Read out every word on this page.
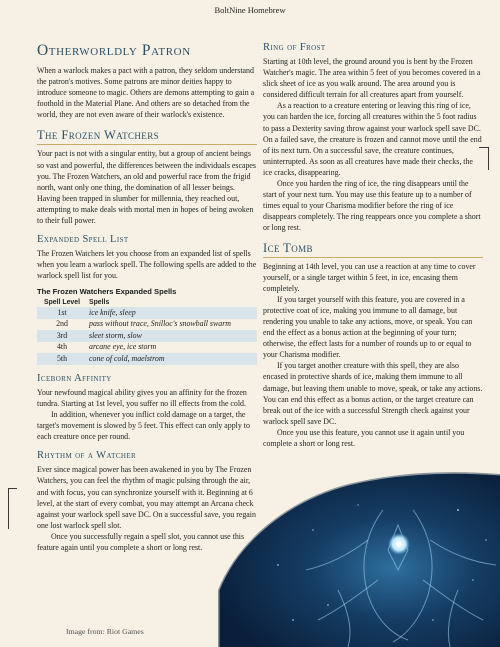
BoltNine Homebrew
Otherworldly Patron

When a warlock makes a pact with a patron, they seldom understand the patron's motives. Some patrons are minor deities happy to introduce someone to magic. Others are demons attempting to gain a foothold in the Material Plane. And others are so detached from the world, they are not even aware of their warlock's existence.

The Frozen Watchers

Your pact is not with a singular entity, but a group of ancient beings so vast and powerful, the differences between the individuals escapes you. The Frozen Watchers, an old and powerful race from the frigid north, want only one thing, the domination of all lesser beings. Having been trapped in slumber for millennia, they reached out, attempting to make deals with mortal men in hopes of being awoken to their full power.

Expanded Spell List

The Frozen Watchers let you choose from an expanded list of spells when you learn a warlock spell. The following spells are added to the warlock spell list for you.

The Frozen Watchers Expanded Spells
Spell Level	Spells
1st	ice knife, sleep
2nd	pass without trace, Snilloc's snowball swarm
3rd	sleet storm, slow
4th	arcane eye, ice storm
5th	cone of cold, maelstrom
Iceborn Affinity

Your newfound magical ability gives you an affinity for the frozen tundra. Starting at 1st level, you suffer no ill effects from the cold.

In addition, whenever you inflict cold damage on a target, the target's movement is slowed by 5 feet. This effect can only apply to each creature once per round.

Rhythm of a Watcher

Ever since magical power has been awakened in you by The Frozen Watchers, you can feel the rhythm of magic pulsing through the air, and with focus, you can synchronize yourself with it. Beginning at 6 level, at the start of every combat, you may attempt an Arcana check against your warlock spell save DC. On a successful save, you regain one lost warlock spell slot.

Once you successfully regain a spell slot, you cannot use this feature again until you complete a short or long rest.

Ring of Frost

Starting at 10th level, the ground around you is bent by the Frozen Watcher's magic. The area within 5 feet of you becomes covered in a slick sheet of ice as you walk around. The area around you is considered difficult terrain for all creatures apart from yourself.

As a reaction to a creature entering or leaving this ring of ice, you can harden the ice, forcing all creatures within the 5 foot radius to pass a Dexterity saving throw against your warlock spell save DC. On a failed save, the creature is frozen and cannot move until the end of its next turn. On a successful save, the creature continues, uninterrupted. As soon as all creatures have made their checks, the ice cracks, disappearing.

Once you harden the ring of ice, the ring disappears until the start of your next turn. You may use this feature up to a number of times equal to your Charisma modifier before the ring of ice disappears completely. The ring reappears once you complete a short or long rest.

Ice Tomb

Beginning at 14th level, you can use a reaction at any time to cover yourself, or a single target within 5 feet, in ice, encasing them completely.

If you target yourself with this feature, you are covered in a protective coat of ice, making you immune to all damage, but rendering you unable to take any actions, move, or speak. You can end the effect as a bonus action at the beginning of your turn; otherwise, the effect lasts for a number of rounds up to or equal to your Charisma modifier.

If you target another creature with this spell, they are also encased in protective shards of ice, making them immune to all damage, but leaving them unable to move, speak, or take any actions. You can end this effect as a bonus action, or the target creature can break out of the ice with a successful Strength check against your warlock spell save DC.

Once you use this feature, you cannot use it again until you complete a short or long rest.

Image from: Riot Games
